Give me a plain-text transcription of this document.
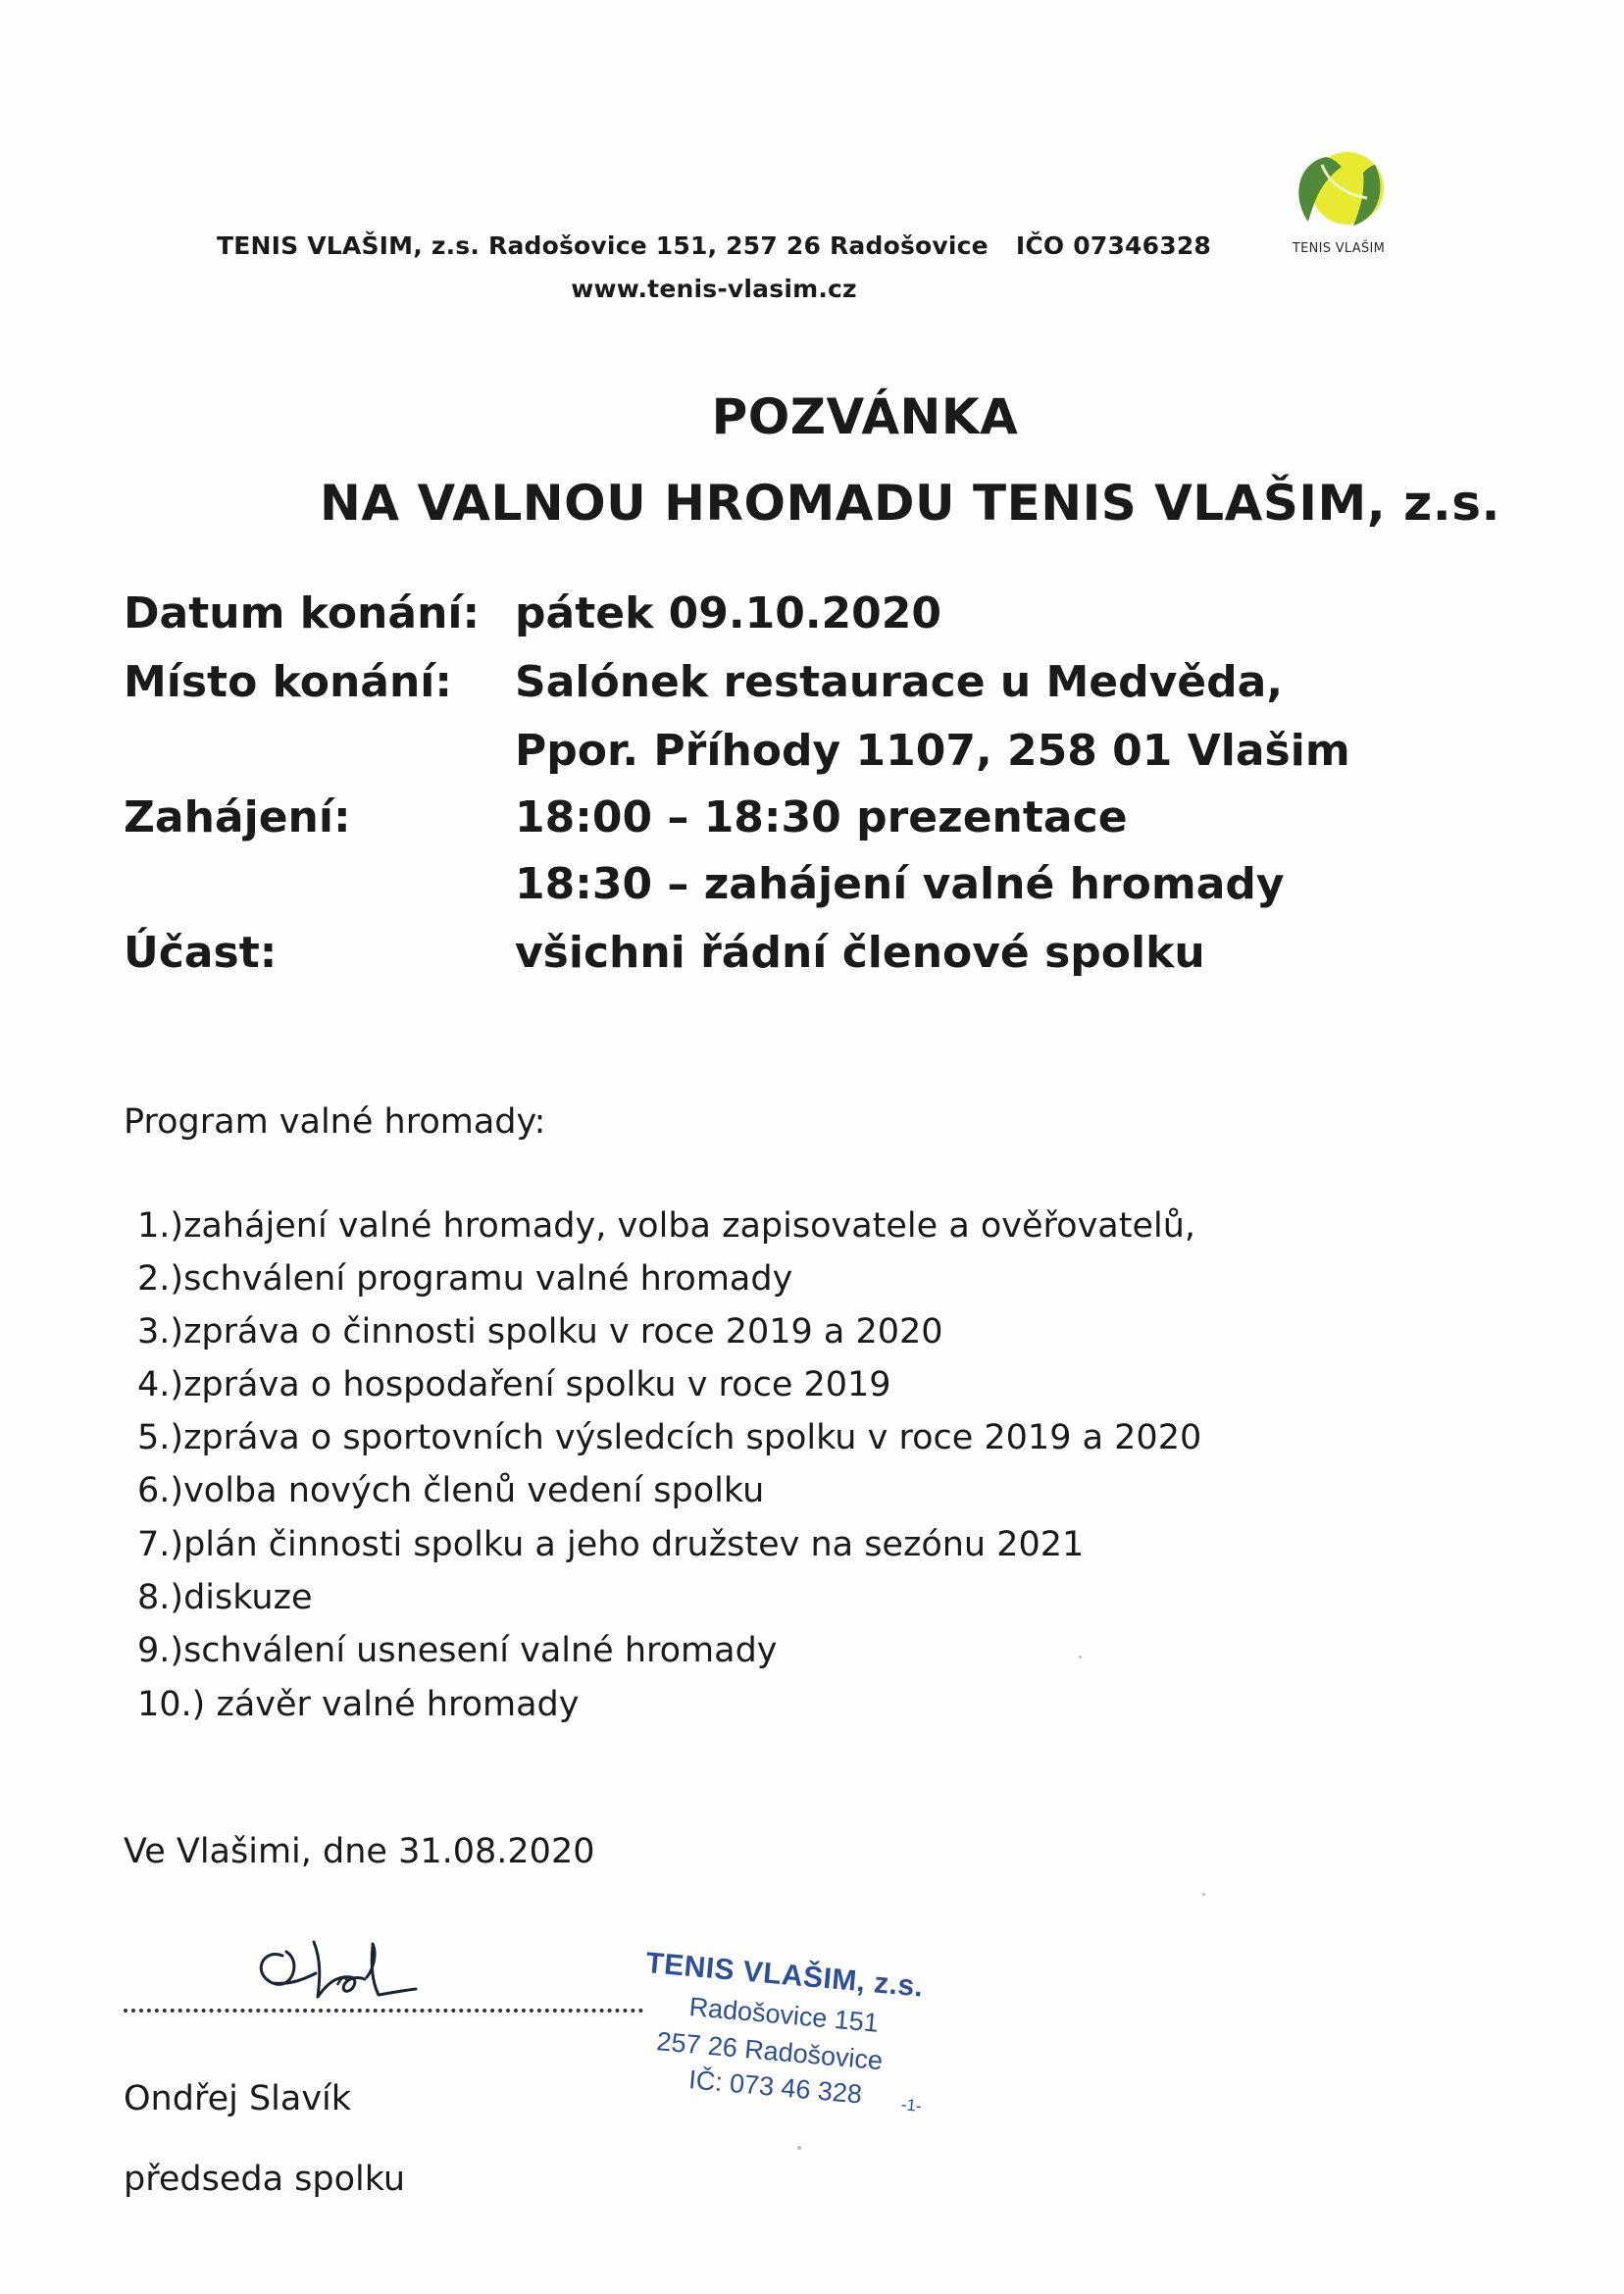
TENIS VLAŠIM, z.s. Radošovice 151, 257 26 Radošovice IČO 07346328
www.tenis-vlasim.cz
TENIS VLAŠIM
POZVÁNKA
NA VALNOU HROMADU TENIS VLAŠIM, z.s.
Datum konání: pátek 09.10.2020
Místo konání: Salónek restaurace u Medvěda,
Ppor. Příhody 1107, 258 01 Vlašim
Zahájení:	18:00 – 18:30 prezentace
18:30 – zahájení valné hromady
Účast:	všichni řádní členové spolku
Program valné hromady:
1.)zahájení valné hromady, volba zapisovatele a ověřovatelů,
2.)schválení programu valné hromady
3.)zpráva o činnosti spolku v roce 2019 a 2020
4.)zpráva o hospodaření spolku v roce 2019
5.)zpráva o sportovních výsledcích spolku v roce 2019 a 2020
6.)volba nových členů vedení spolku
7.)plán činnosti spolku a jeho družstev na sezónu 2021
8.)diskuze
9.)schválení usnesení valné hromady
10.) závěr valné hromady
Ve Vlašimi, dne 31.08.2020
Ondřej Slavík
předseda spolku
TENIS VLAŠIM, z.s.
Radošovice 151
257 26 Radošovice
IČ: 073 46 328 -1-
